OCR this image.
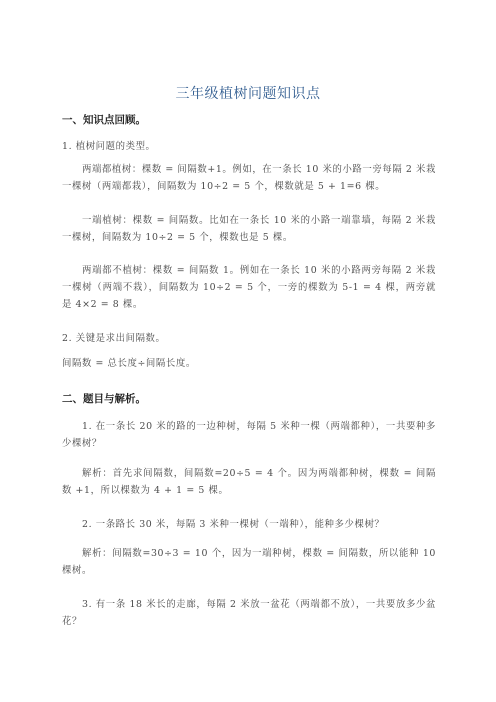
三年级植树问题知识点
一、知识点回顾。
1. 植树问题的类型。
两端都植树：棵数 = 间隔数+1。例如，在一条长 10 米的小路一旁每隔 2 米栽一棵树（两端都栽），间隔数为 10÷2 = 5 个，棵数就是 5 + 1=6 棵。
一端植树：棵数 = 间隔数。比如在一条长 10 米的小路一端靠墙，每隔 2 米栽一棵树，间隔数为 10÷2 = 5 个，棵数也是 5 棵。
两端都不植树：棵数 = 间隔数 1。例如在一条长 10 米的小路两旁每隔 2 米栽一棵树（两端不栽），间隔数为 10÷2 = 5 个，一旁的棵数为 5-1 = 4 棵，两旁就是 4×2 = 8 棵。
2. 关键是求出间隔数。
间隔数 = 总长度÷间隔长度。
二、题目与解析。
1. 在一条长 20 米的路的一边种树，每隔 5 米种一棵（两端都种），一共要种多少棵树？
解析：首先求间隔数，间隔数=20÷5 = 4 个。因为两端都种树，棵数 = 间隔数 +1，所以棵数为 4 + 1 = 5 棵。
2. 一条路长 30 米，每隔 3 米种一棵树（一端种），能种多少棵树？
解析：间隔数=30÷3 = 10 个，因为一端种树，棵数 = 间隔数，所以能种 10 棵树。
3. 有一条 18 米长的走廊，每隔 2 米放一盆花（两端都不放），一共要放多少盆花？
